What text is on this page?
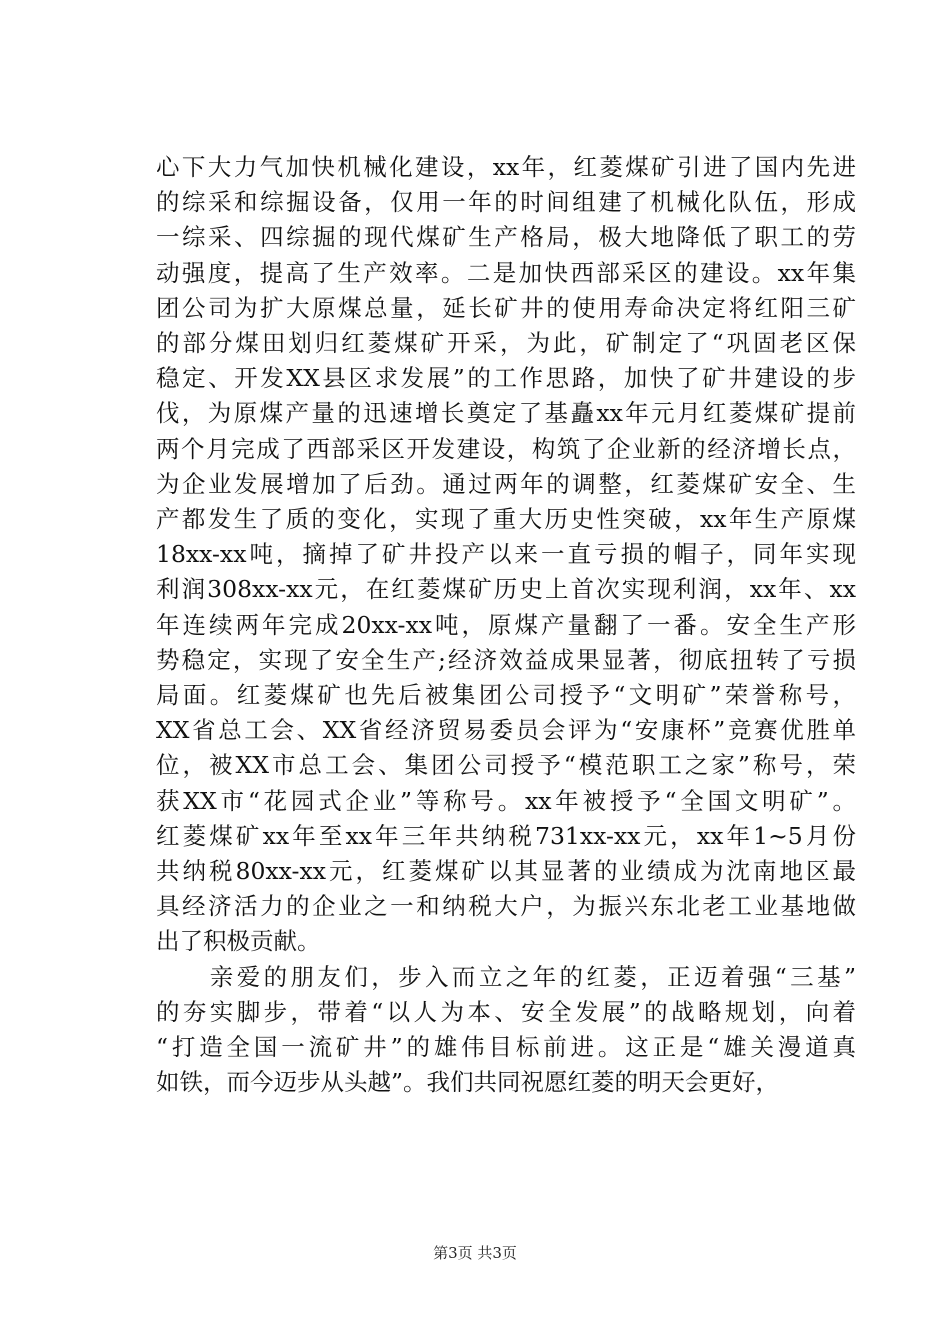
心下大力气加快机械化建设，xx年，红菱煤矿引进了国内先进
的综采和综掘设备，仅用一年的时间组建了机械化队伍，形成
一综采、四综掘的现代煤矿生产格局，极大地降低了职工的劳
动强度，提高了生产效率。二是加快西部采区的建设。xx年集
团公司为扩大原煤总量，延长矿井的使用寿命决定将红阳三矿
的部分煤田划归红菱煤矿开采，为此，矿制定了“巩固老区保
稳定、开发XX县区求发展”的工作思路，加快了矿井建设的步
伐，为原煤产量的迅速增长奠定了基矗xx年元月红菱煤矿提前
两个月完成了西部采区开发建设，构筑了企业新的经济增长点，
为企业发展增加了后劲。通过两年的调整，红菱煤矿安全、生
产都发生了质的变化，实现了重大历史性突破，xx年生产原煤
18xx-xx吨，摘掉了矿井投产以来一直亏损的帽子，同年实现
利润308xx-xx元，在红菱煤矿历史上首次实现利润，xx年、xx
年连续两年完成20xx-xx吨，原煤产量翻了一番。安全生产形
势稳定，实现了安全生产;经济效益成果显著，彻底扭转了亏损
局面。红菱煤矿也先后被集团公司授予“文明矿”荣誉称号，
XX省总工会、XX省经济贸易委员会评为“安康杯”竞赛优胜单
位，被XX市总工会、集团公司授予“模范职工之家”称号，荣
获XX市“花园式企业”等称号。xx年被授予“全国文明矿”。
红菱煤矿xx年至xx年三年共纳税731xx-xx元，xx年1~5月份
共纳税80xx-xx元，红菱煤矿以其显著的业绩成为沈南地区最
具经济活力的企业之一和纳税大户，为振兴东北老工业基地做
出了积极贡献。

　　亲爱的朋友们，步入而立之年的红菱，正迈着强“三基”
的夯实脚步，带着“以人为本、安全发展”的战略规划，向着
“打造全国一流矿井”的雄伟目标前进。这正是“雄关漫道真
如铁，而今迈步从头越”。我们共同祝愿红菱的明天会更好，

第3页 共3页
